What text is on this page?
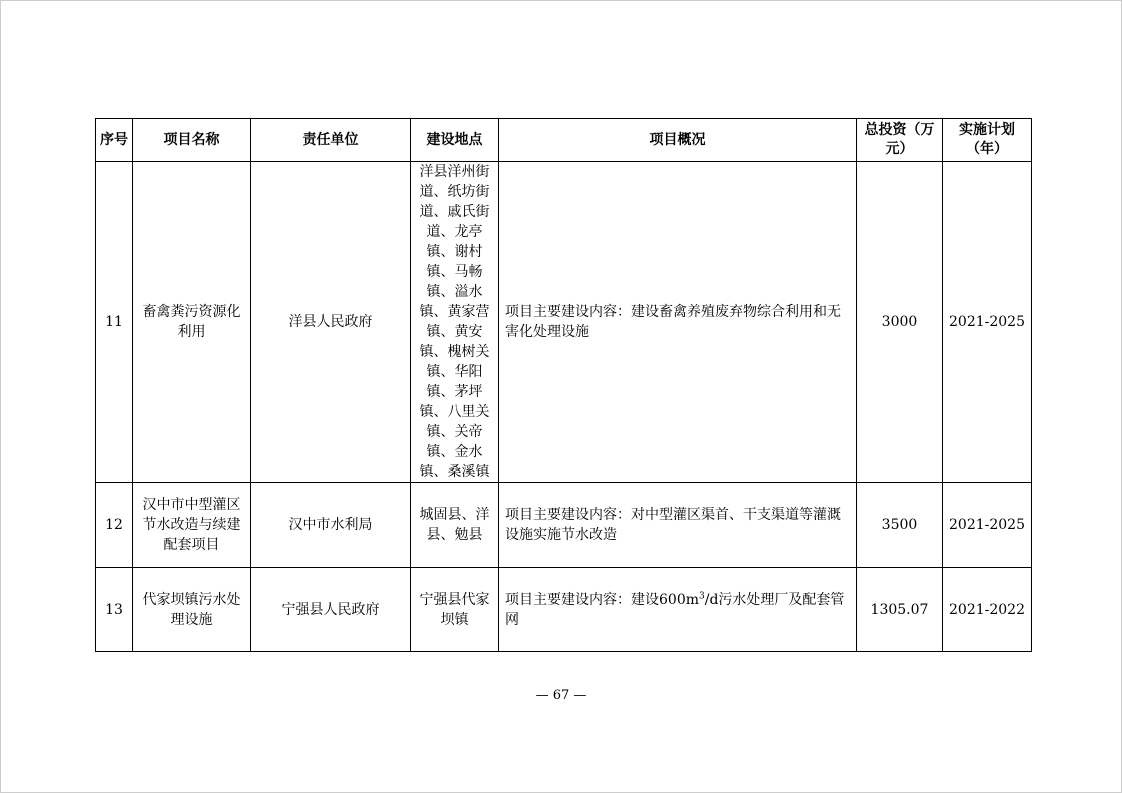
序号	项目名称	责任单位	建设地点	项目概况	总投资（万元）	实施计划（年）
11	畜禽粪污资源化利用	洋县人民政府	洋县洋州街道、纸坊街道、戚氏街道、龙亭镇、谢村镇、马畅镇、溢水镇、黄家营镇、黄安镇、槐树关镇、华阳镇、茅坪镇、八里关镇、关帝镇、金水镇、桑溪镇	项目主要建设内容：建设畜禽养殖废弃物综合利用和无害化处理设施	3000	2021-2025
12	汉中市中型灌区节水改造与续建配套项目	汉中市水利局	城固县、洋县、勉县	项目主要建设内容：对中型灌区渠首、干支渠道等灌溉设施实施节水改造	3500	2021-2025
13	代家坝镇污水处理设施	宁强县人民政府	宁强县代家坝镇	项目主要建设内容：建设$600m^3/d$污水处理厂及配套管网	1305.07	2021-2022
— 67 —
